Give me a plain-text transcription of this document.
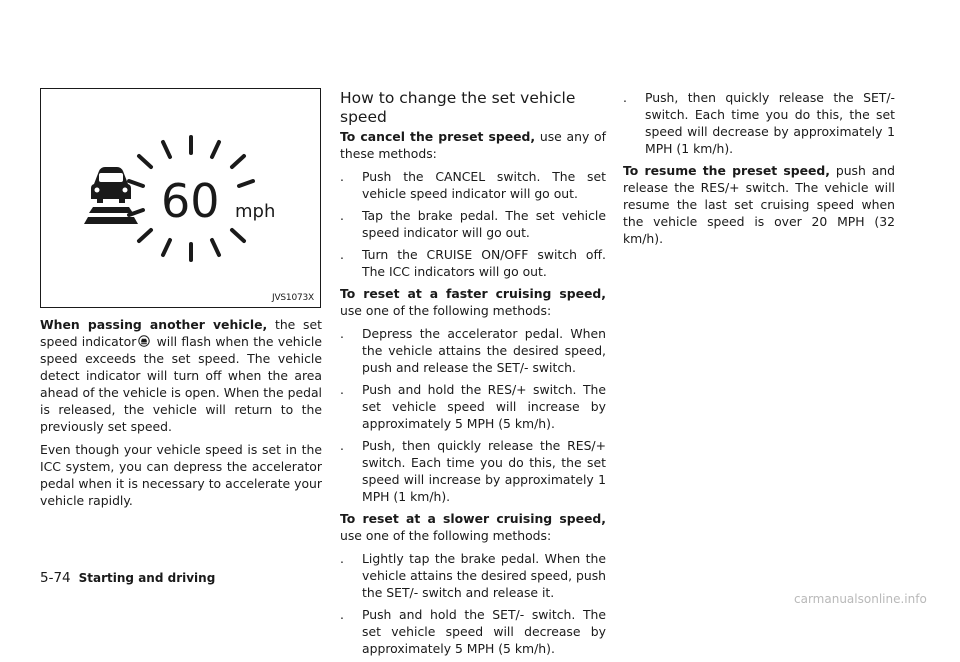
60 mph
JVS1073X

When passing another vehicle, the set speed indicator will flash when the vehicle speed exceeds the set speed. The vehicle detect indicator will turn off when the area ahead of the vehicle is open. When the pedal is released, the vehicle will return to the previously set speed.

Even though your vehicle speed is set in the ICC system, you can depress the accelerator pedal when it is necessary to accelerate your vehicle rapidly.

How to change the set vehicle speed

To cancel the preset speed, use any of these methods:

. Push the CANCEL switch. The set vehicle speed indicator will go out.
. Tap the brake pedal. The set vehicle speed indicator will go out.
. Turn the CRUISE ON/OFF switch off. The ICC indicators will go out.

To reset at a faster cruising speed, use one of the following methods:

. Depress the accelerator pedal. When the vehicle attains the desired speed, push and release the SET/- switch.
. Push and hold the RES/+ switch. The set vehicle speed will increase by approximately 5 MPH (5 km/h).
. Push, then quickly release the RES/+ switch. Each time you do this, the set speed will increase by approximately 1 MPH (1 km/h).

To reset at a slower cruising speed, use one of the following methods:

. Lightly tap the brake pedal. When the vehicle attains the desired speed, push the SET/- switch and release it.
. Push and hold the SET/- switch. The set vehicle speed will decrease by approximately 5 MPH (5 km/h).
. Push, then quickly release the SET/- switch. Each time you do this, the set speed will decrease by approximately 1 MPH (1 km/h).

To resume the preset speed, push and release the RES/+ switch. The vehicle will resume the last set cruising speed when the vehicle speed is over 20 MPH (32 km/h).

5-74 Starting and driving
carmanualsonline.info
